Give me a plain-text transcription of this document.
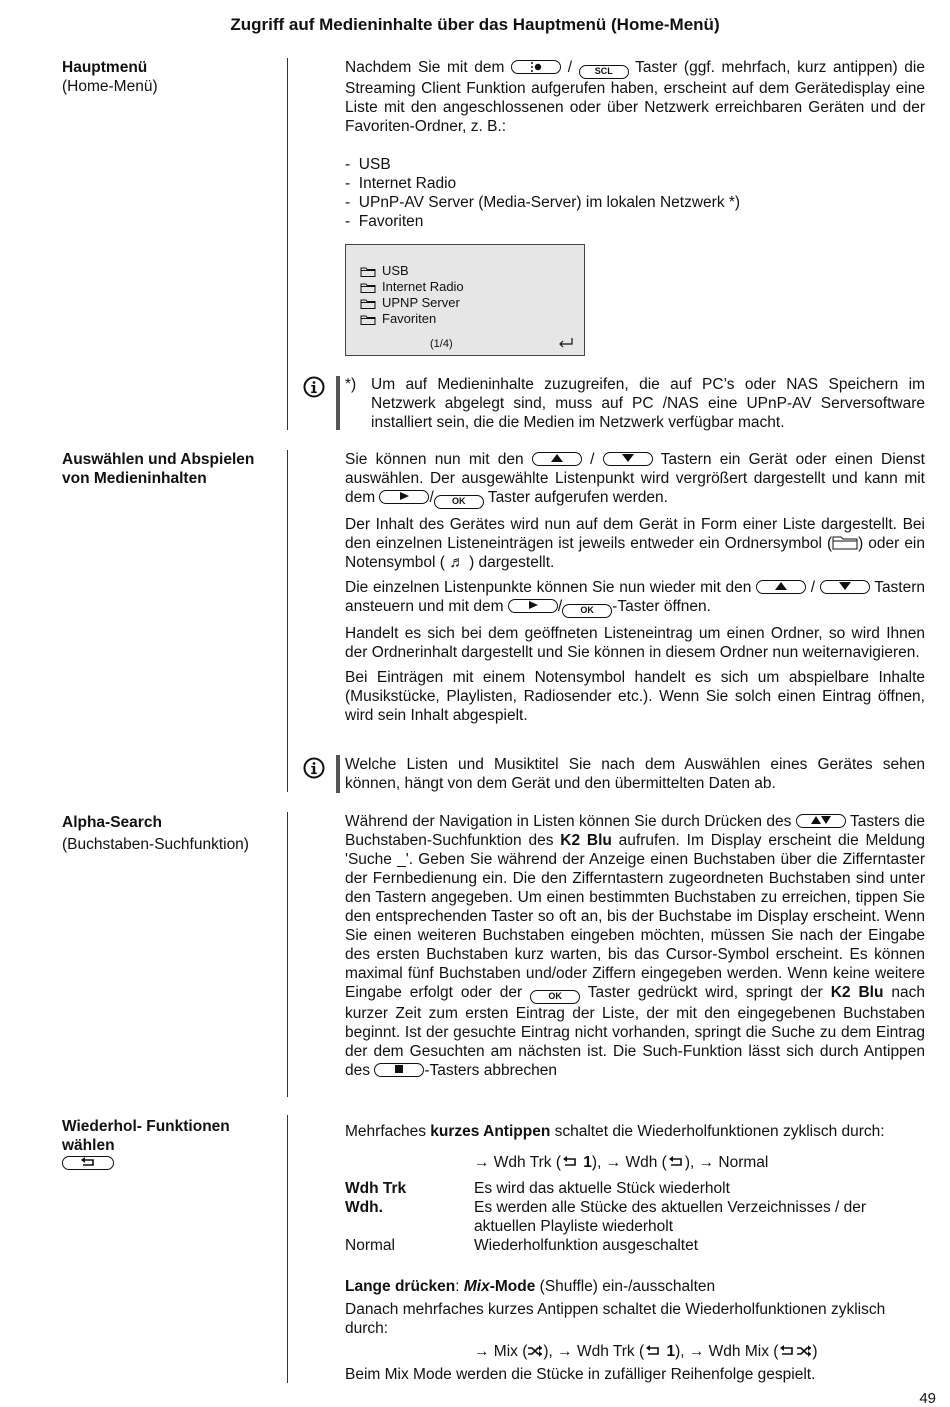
Zugriff auf Medieninhalte über das Hauptmenü (Home-Menü)
Hauptmenü
(Home-Menü)

Nachdem Sie mit dem	/ SCL Taster (ggf. mehrfach, kurz antippen) die Streaming Client Funktion aufgerufen haben, erscheint auf dem Gerätedisplay eine Liste mit den angeschlossenen oder über Netzwerk erreichbaren Geräten und der Favoriten-Ordner, z. B.:

- USB
- Internet Radio
- UPnP-AV Server (Media-Server) im lokalen Netzwerk *)
- Favoriten
USB
Internet Radio
UPNP Server
Favoriten
(1/4)
*) Um auf Medieninhalte zuzugreifen, die auf PC’s oder NAS Speichern im Netzwerk abgelegt sind, muss auf PC /NAS eine UPnP-AV Serversoftware installiert sein, die die Medien im Netzwerk verfügbar macht.
Auswählen und Abspielen von Medieninhalten

Sie können nun mit den	/	Tastern ein Gerät oder einen Dienst auswählen. Der ausgewählte Listenpunkt wird vergrößert dargestellt und kann mit dem	/ OK Taster aufgerufen werden.

Der Inhalt des Gerätes wird nun auf dem Gerät in Form einer Liste dargestellt. Bei den einzelnen Listeneinträgen ist jeweils entweder ein Ordnersymbol ( ) oder ein Notensymbol ( ♬ ) dargestellt.

Die einzelnen Listenpunkte können Sie nun wieder mit den	/	Tastern ansteuern und mit dem	/ OK -Taster öffnen.

Handelt es sich bei dem geöffneten Listeneintrag um einen Ordner, so wird Ihnen der Ordnerinhalt dargestellt und Sie können in diesem Ordner nun weiternavigieren.

Bei Einträgen mit einem Notensymbol handelt es sich um abspielbare Inhalte (Musikstücke, Playlisten, Radiosender etc.). Wenn Sie solch einen Eintrag öffnen, wird sein Inhalt abgespielt.

Welche Listen und Musiktitel Sie nach dem Auswählen eines Gerätes sehen können, hängt von dem Gerät und den übermittelten Daten ab.
Alpha-Search
(Buchstaben-Suchfunktion)

Während der Navigation in Listen können Sie durch Drücken des	Tasters die Buchstaben-Suchfunktion des K2 Blu aufrufen. Im Display erscheint die Meldung 'Suche _'. Geben Sie während der Anzeige einen Buchstaben über die Zifferntaster der Fernbedienung ein. Die den Zifferntastern zugeordneten Buchstaben sind unter den Tastern angegeben. Um einen bestimmten Buchstaben zu erreichen, tippen Sie den entsprechenden Taster so oft an, bis der Buchstabe im Display erscheint. Wenn Sie einen weiteren Buchstaben eingeben möchten, müssen Sie nach der Eingabe des ersten Buchstaben kurz warten, bis das Cursor-Symbol erscheint. Es können maximal fünf Buchstaben und/oder Ziffern eingegeben werden. Wenn keine weitere Eingabe erfolgt oder der	OK Taster gedrückt wird, springt der K2 Blu nach kurzer Zeit zum ersten Eintrag der Liste, der mit den eingegebenen Buchstaben beginnt. Ist der gesuchte Eintrag nicht vorhanden, springt die Suche zu dem Eintrag der dem Gesuchten am nächsten ist. Die Such-Funktion lässt sich durch Antippen des	-Tasters abbrechen

Wiederhol- Funktionen wählen
Mehrfaches kurzes Antippen schaltet die Wiederholfunktionen zyklisch durch:
→ Wdh Trk ( 1), → Wdh ( ), → Normal
Wdh Trk	Es wird das aktuelle Stück wiederholt
Wdh.	Es werden alle Stücke des aktuellen Verzeichnisses / der aktuellen Playliste wiederholt
Normal	Wiederholfunktion ausgeschaltet
Lange drücken: Mix-Mode (Shuffle) ein-/ausschalten
Danach mehrfaches kurzes Antippen schaltet die Wiederholfunktionen zyklisch durch:
→ Mix ( ), → Wdh Trk ( 1), → Wdh Mix ( )
Beim Mix Mode werden die Stücke in zufälliger Reihenfolge gespielt.
49
